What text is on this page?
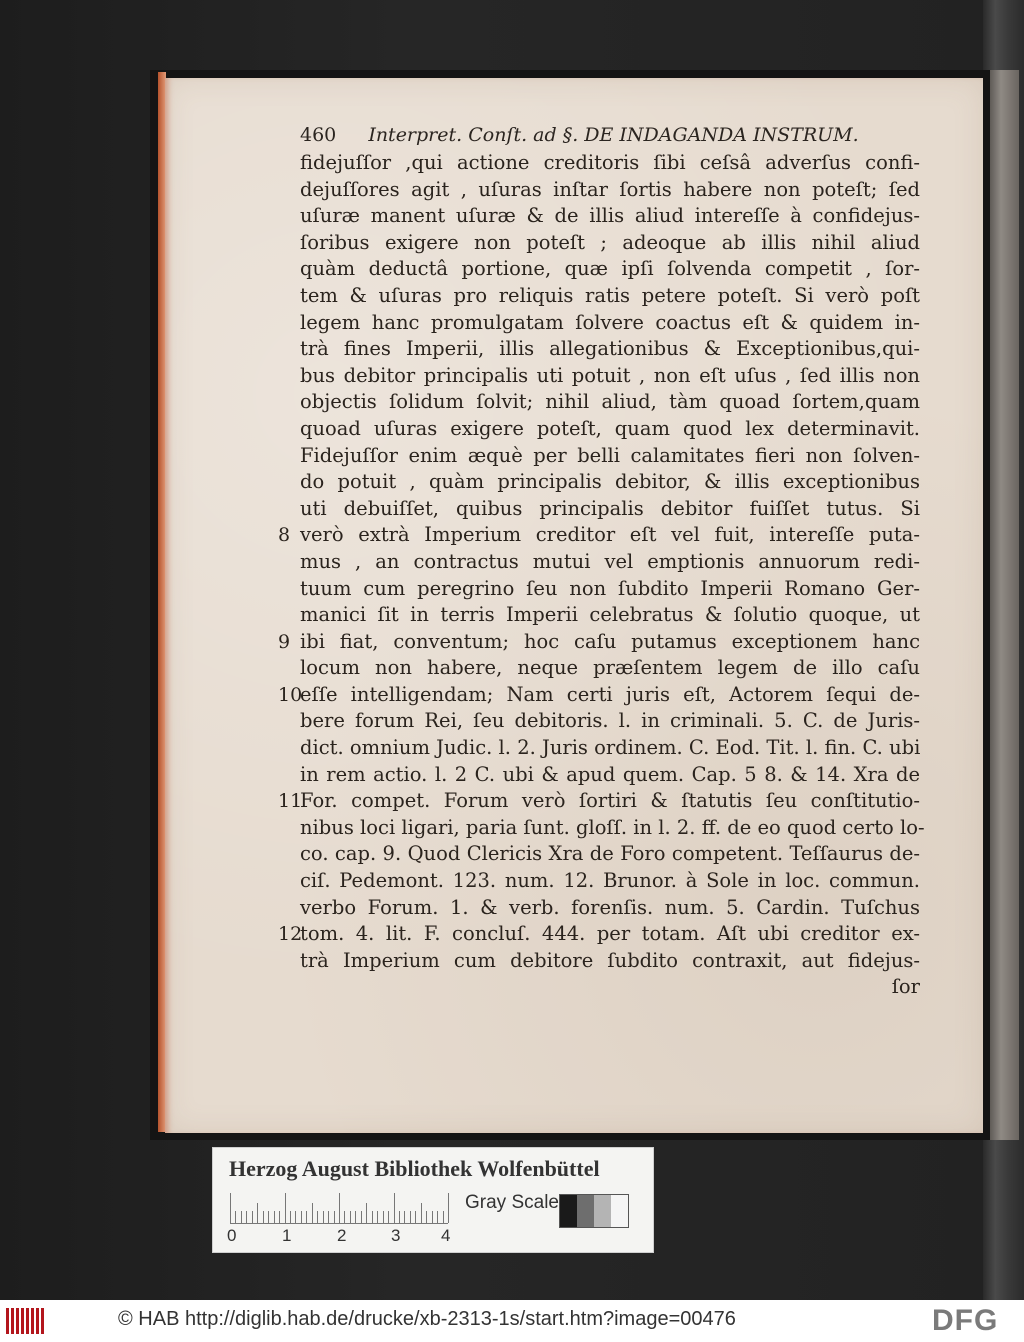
460 Interpret. Conſt. ad §. DE INDAGANDA INSTRUM.
fidejuſſor ,qui actione creditoris ſibi ceſsâ adverſus confi-
dejuſſores agit , uſuras inſtar ſortis habere non poteſt; ſed
uſuræ manent uſuræ & de illis aliud intereſſe à confidejus-
ſoribus exigere non poteſt ; adeoque ab illis nihil aliud
quàm deductâ portione, quæ ipſi ſolvenda competit , ſor-
tem & uſuras pro reliquis ratis petere poteſt. Si verò poſt
legem hanc promulgatam ſolvere coactus eſt & quidem in-
trà fines Imperii, illis allegationibus & Exceptionibus,qui-
bus debitor principalis uti potuit , non eſt uſus , ſed illis non
objectis ſolidum ſolvit; nihil aliud, tàm quoad ſortem,quam
quoad uſuras exigere poteſt, quam quod lex determinavit.
Fidejuſſor enim æquè per belli calamitates fieri non ſolven-
do potuit , quàm principalis debitor, & illis exceptionibus
uti debuiſſet, quibus principalis debitor fuiſſet tutus. Si
verò extrà Imperium creditor eſt vel fuit, intereſſe puta-
8
mus , an contractus mutui vel emptionis annuorum redi-
tuum cum peregrino ſeu non ſubdito Imperii Romano Ger-
manici ſit in terris Imperii celebratus & ſolutio quoque, ut
ibi fiat, conventum; hoc caſu putamus exceptionem hanc
9
locum non habere, neque præſentem legem de illo caſu
eſſe intelligendam; Nam certi juris eſt, Actorem ſequi de-
10
bere forum Rei, ſeu debitoris. l. in criminali. 5. C. de Juris-
dict. omnium Judic. l. 2. Juris ordinem. C. Eod. Tit. l. fin. C. ubi
in rem actio. l. 2 C. ubi & apud quem. Cap. 5 8. & 14. Xra de
For. compet. Forum verò ſortiri & ſtatutis ſeu conſtitutio-
11
nibus loci ligari, paria ſunt. gloſſ. in l. 2. ff. de eo quod certo lo-
co. cap. 9. Quod Clericis Xra de Foro competent. Teſſaurus de-
ciſ. Pedemont. 123. num. 12. Brunor. à Sole in loc. commun.
verbo Forum. 1. & verb. forenſis. num. 5. Cardin. Tuſchus
tom. 4. lit. F. concluſ. 444. per totam. Aſt ubi creditor ex-
12
trà Imperium cum debitore ſubdito contraxit, aut fidejus-
ſor
Herzog August Bibliothek Wolfenbüttel
0	1	2	3 4
Gray Scale
© HAB http://diglib.hab.de/drucke/xb-2313-1s/start.htm?image=00476	DFG
